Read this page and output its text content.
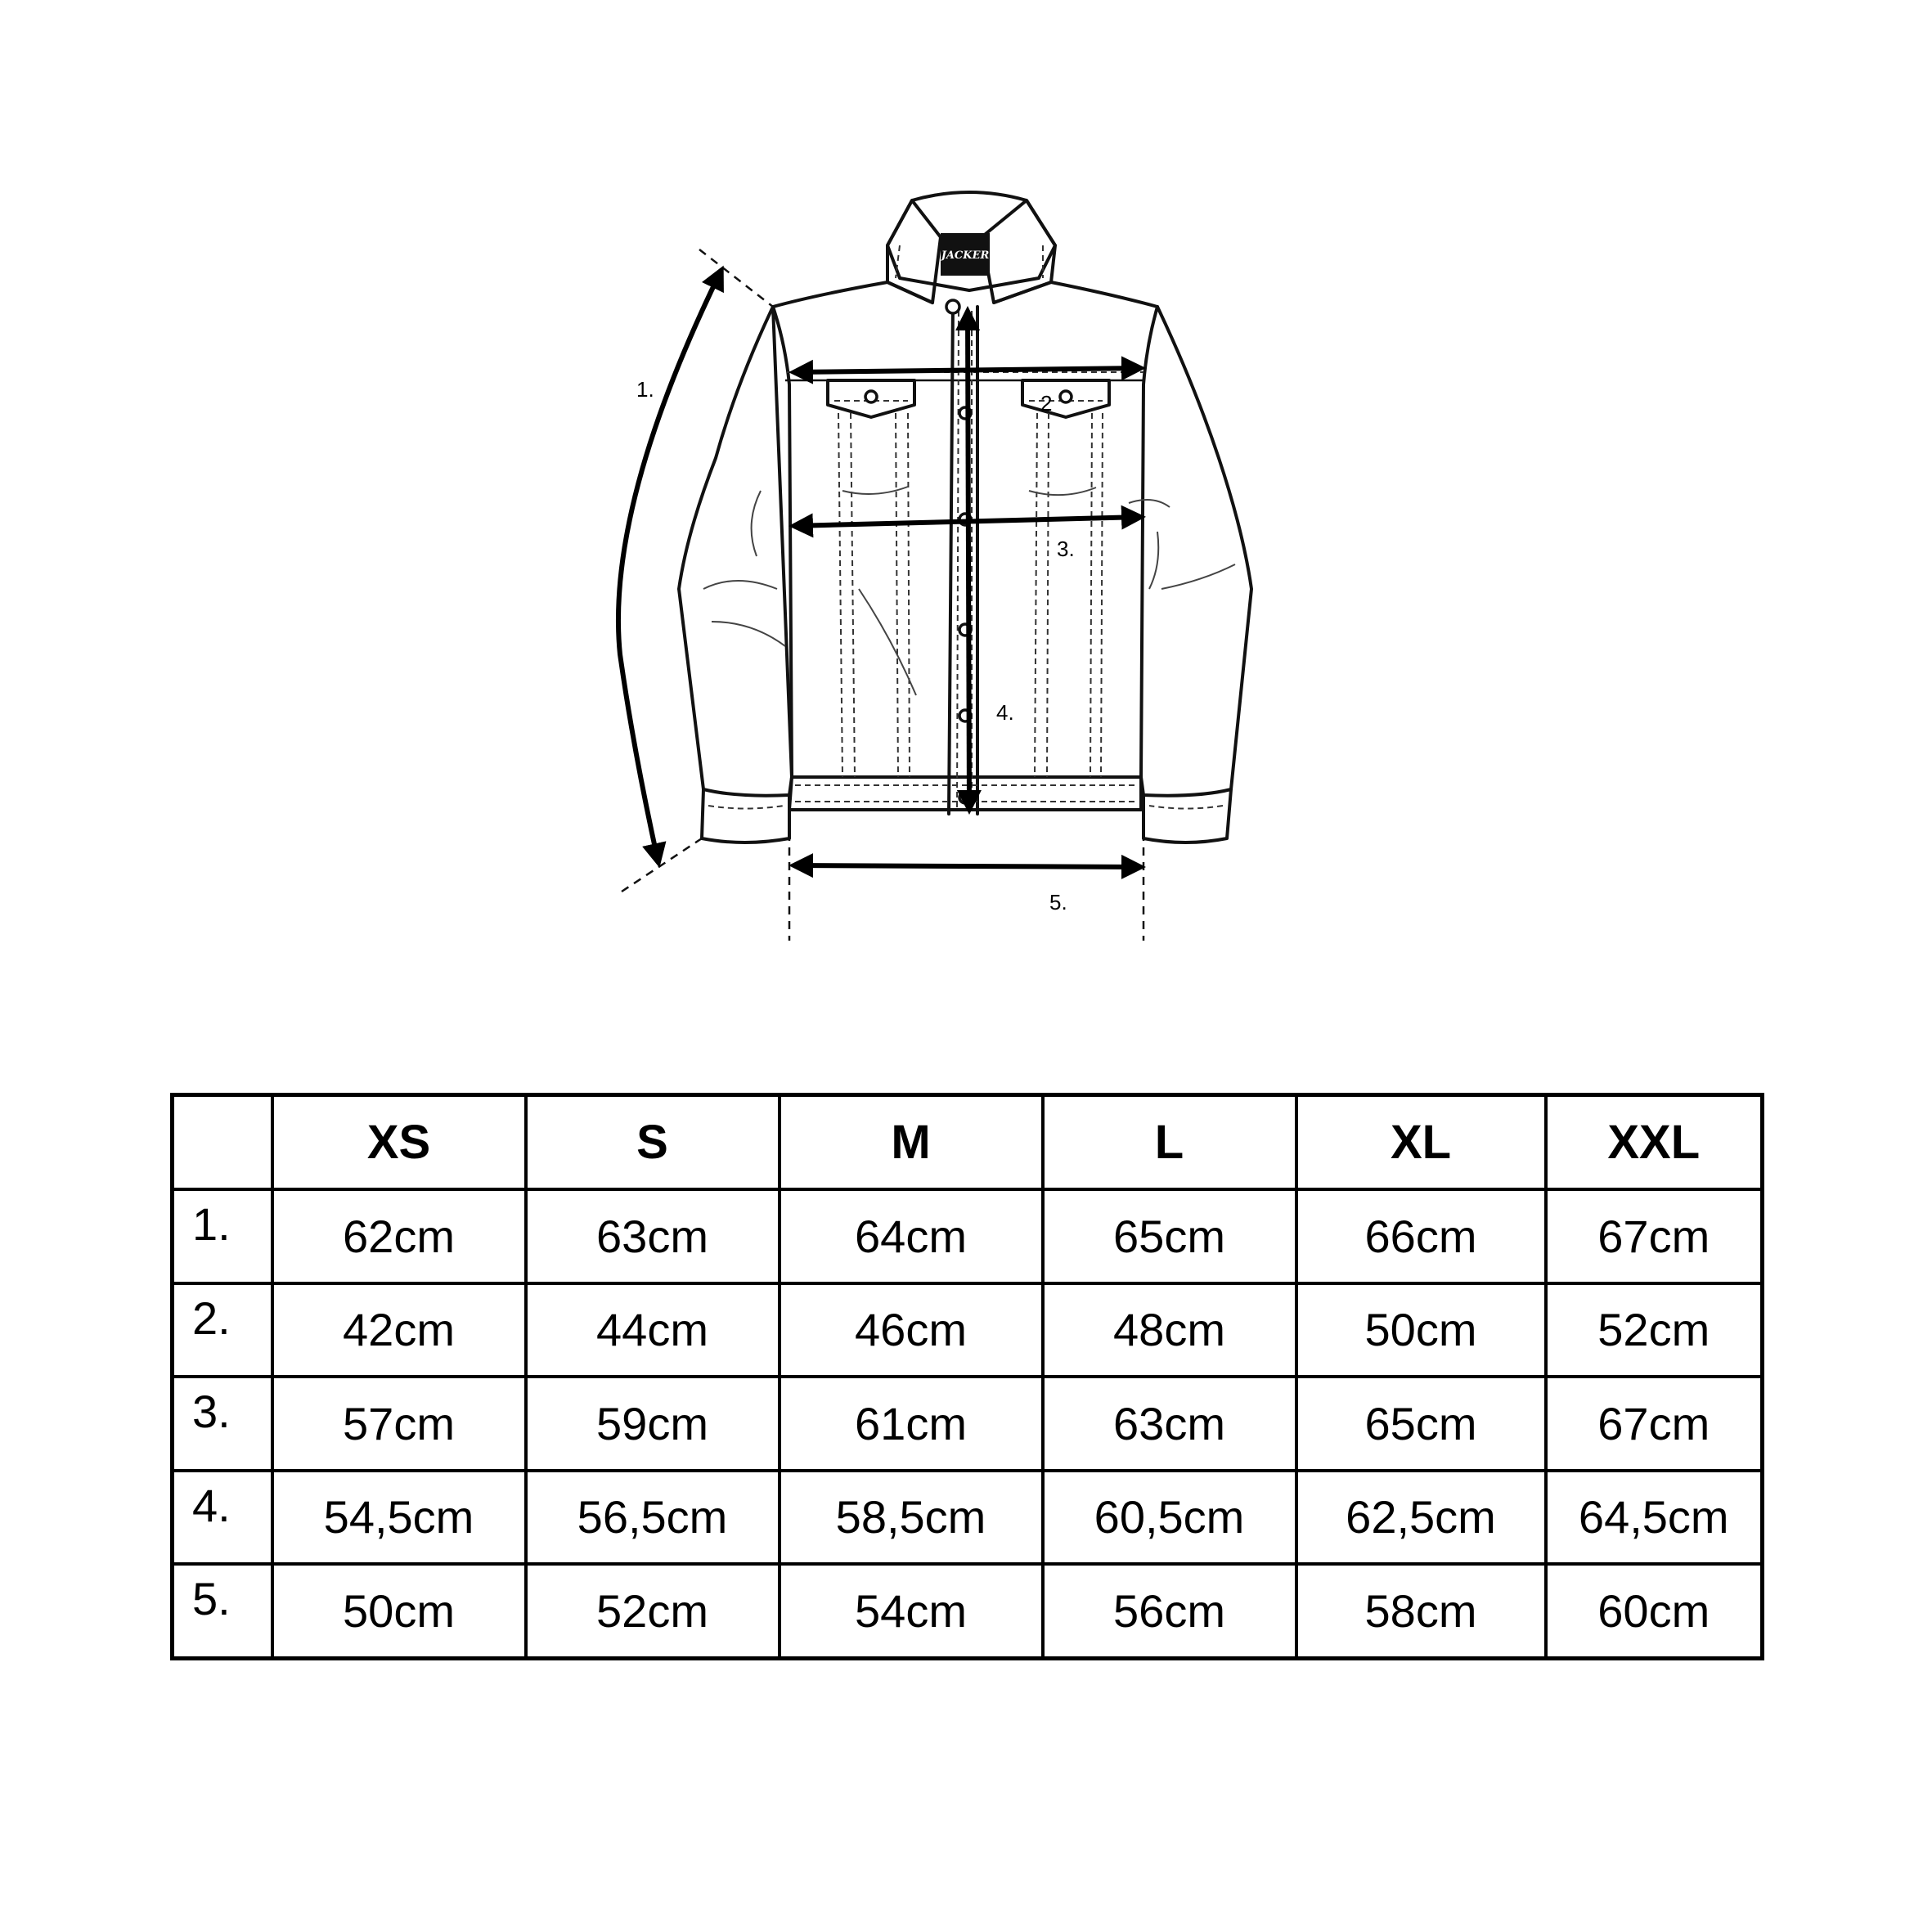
JACKER
1.
2
3.
4.
5.
	XS	S	M	L	XL	XXL
1.	62cm	63cm	64cm	65cm	66cm	67cm
2.	42cm	44cm	46cm	48cm	50cm	52cm
3.	57cm	59cm	61cm	63cm	65cm	67cm
4.	54,5cm	56,5cm	58,5cm	60,5cm	62,5cm	64,5cm
5.	50cm	52cm	54cm	56cm	58cm	60cm
